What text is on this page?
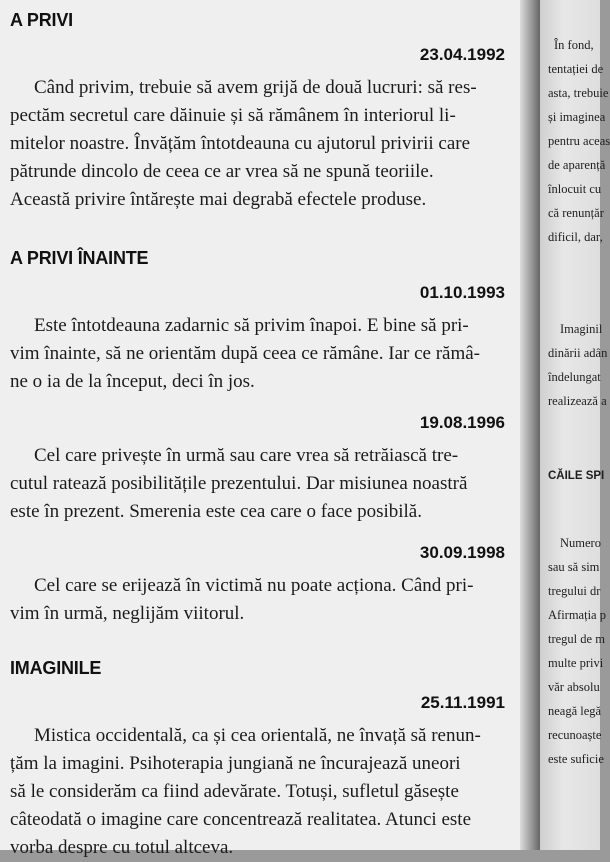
A PRIVI
23.04.1992

Când privim, trebuie să avem grijă de două lucruri: să res-
pectăm secretul care dăinuie și să rămânem în interiorul li-
mitelor noastre. Învățăm întotdeauna cu ajutorul privirii care
pătrunde dincolo de ceea ce ar vrea să ne spună teoriile.
Această privire întărește mai degrabă efectele produse.

A PRIVI ÎNAINTE
01.10.1993

Este întotdeauna zadarnic să privim înapoi. E bine să pri-
vim înainte, să ne orientăm după ceea ce rămâne. Iar ce rămâ-
ne o ia de la început, deci în jos.

19.08.1996

Cel care privește în urmă sau care vrea să retrăiască tre-
cutul ratează posibilitățile prezentului. Dar misiunea noastră
este în prezent. Smerenia este cea care o face posibilă.

30.09.1998

Cel care se erijează în victimă nu poate acționa. Când pri-
vim în urmă, neglijăm viitorul.

IMAGINILE
25.11.1991

Mistica occidentală, ca și cea orientală, ne învață să renun-
țăm la imagini. Psihoterapia jungiană ne încurajează uneori
să le considerăm ca fiind adevărate. Totuși, sufletul găsește
câteodată o imagine care concentrează realitatea. Atunci este
vorba despre cu totul altceva.

În fond,
tentației de
asta, trebuie
și imaginea
pentru aceas
de aparență
înlocuit cu
că renunțăr
dificil, dar,
Imaginil
dinării adân
îndelungat
realizează a
CĂILE SPI
Numero
sau să sim
tregului dr
Afirmația p
tregul de m
multe privi
văr absolu
neagă legă
recunoaște
este suficie
